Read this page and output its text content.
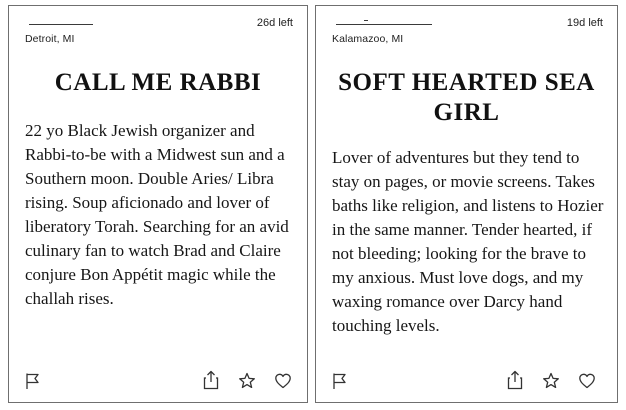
Detroit, MI
26d left
CALL ME RABBI
22 yo Black Jewish organizer and Rabbi-to-be with a Midwest sun and a Southern moon. Double Aries/ Libra rising. Soup aficionado and lover of liberatory Torah. Searching for an avid culinary fan to watch Brad and Claire conjure Bon Appétit magic while the challah rises.
Kalamazoo, MI
19d left
SOFT HEARTED SEA GIRL
Lover of adventures but they tend to stay on pages, or movie screens. Takes baths like religion, and listens to Hozier in the same manner. Tender hearted, if not bleeding; looking for the brave to my anxious. Must love dogs, and my waxing romance over Darcy hand touching levels.
